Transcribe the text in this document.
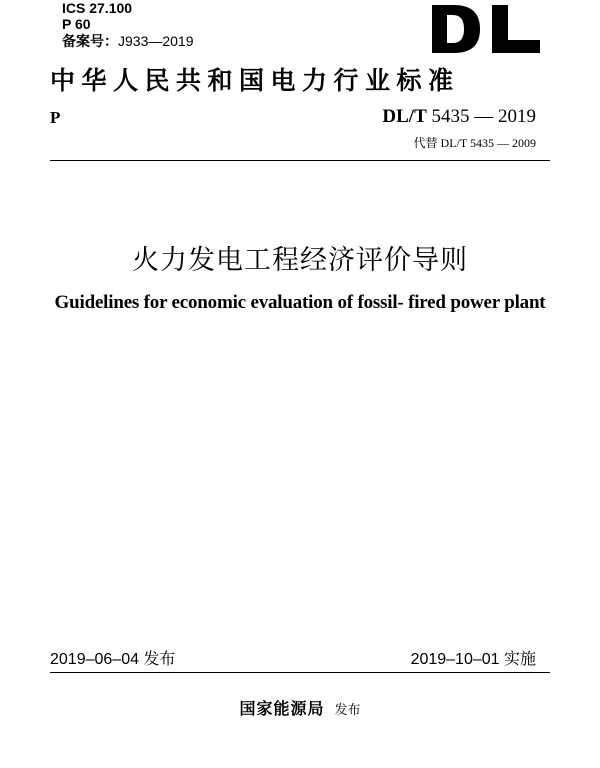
ICS 27.100
P 60
备案号：J933—2019
中华人民共和国电力行业标准
P	DL/T 5435 — 2019
代替 DL/T 5435 — 2009
火力发电工程经济评价导则
Guidelines for economic evaluation of fossil- fired power plant
2019–06–04 发布	2019–10–01 实施
国家能源局 发布
